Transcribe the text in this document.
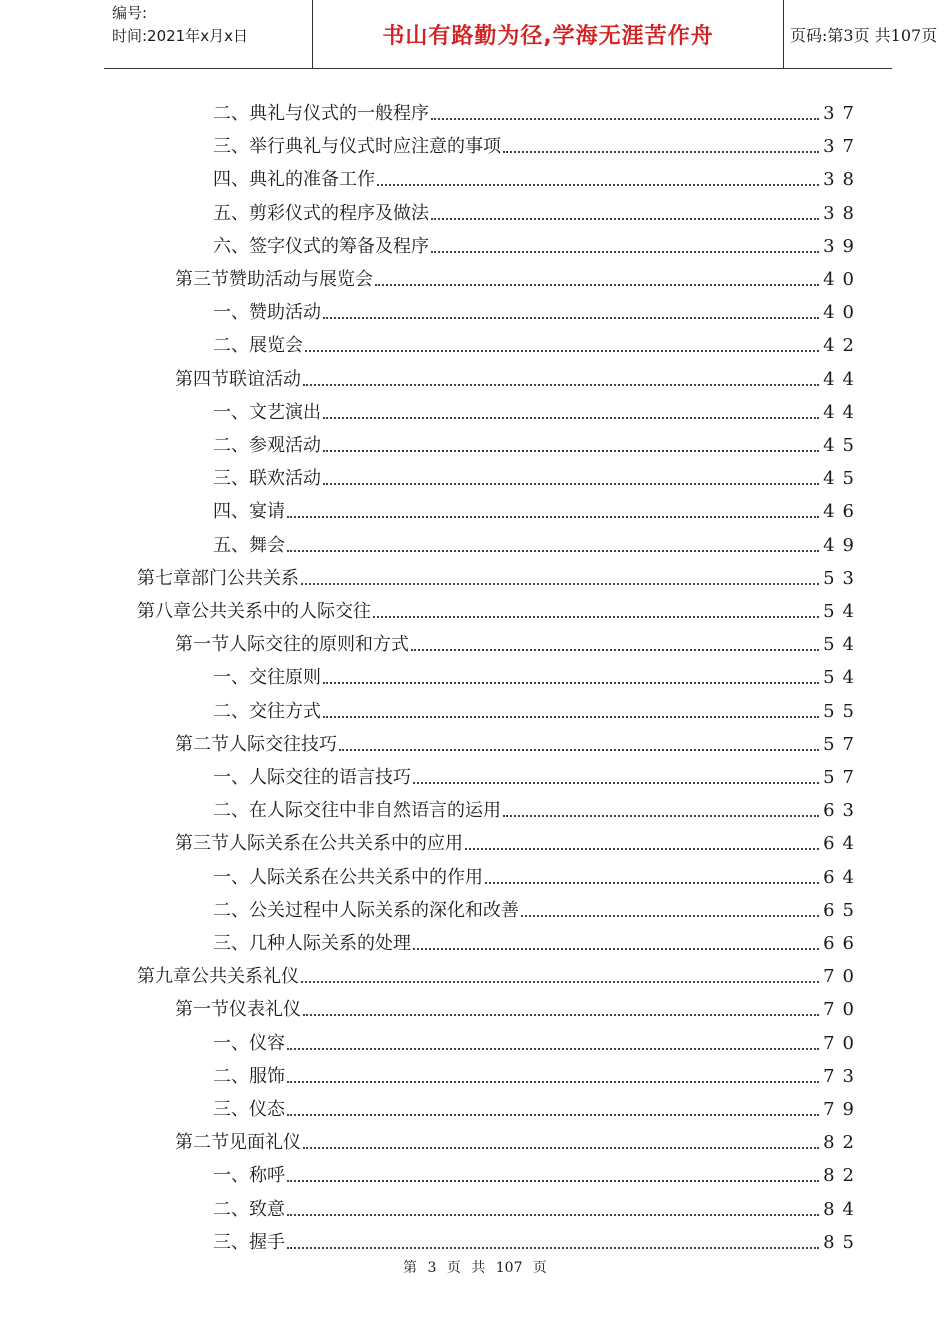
编号:
时间:2021年x月x日	书山有路勤为径,学海无涯苦作舟	页码:第3页 共107页
二、典礼与仪式的一般程序	37
三、举行典礼与仪式时应注意的事项	37
四、典礼的准备工作	38
五、剪彩仪式的程序及做法	38
六、签字仪式的筹备及程序	39
第三节赞助活动与展览会	40
一、赞助活动	40
二、展览会	42
第四节联谊活动	44
一、文艺演出	44
二、参观活动	45
三、联欢活动	45
四、宴请	46
五、舞会	49
第七章部门公共关系	53
第八章公共关系中的人际交往	54
第一节人际交往的原则和方式	54
一、交往原则	54
二、交往方式	55
第二节人际交往技巧	57
一、人际交往的语言技巧	57
二、在人际交往中非自然语言的运用	63
第三节人际关系在公共关系中的应用	64
一、人际关系在公共关系中的作用	64
二、公关过程中人际关系的深化和改善	65
三、几种人际关系的处理	66
第九章公共关系礼仪	70
第一节仪表礼仪	70
一、仪容	70
二、服饰	73
三、仪态	79
第二节见面礼仪	82
一、称呼	82
二、致意	84
三、握手	85
第 3 页 共 107 页
